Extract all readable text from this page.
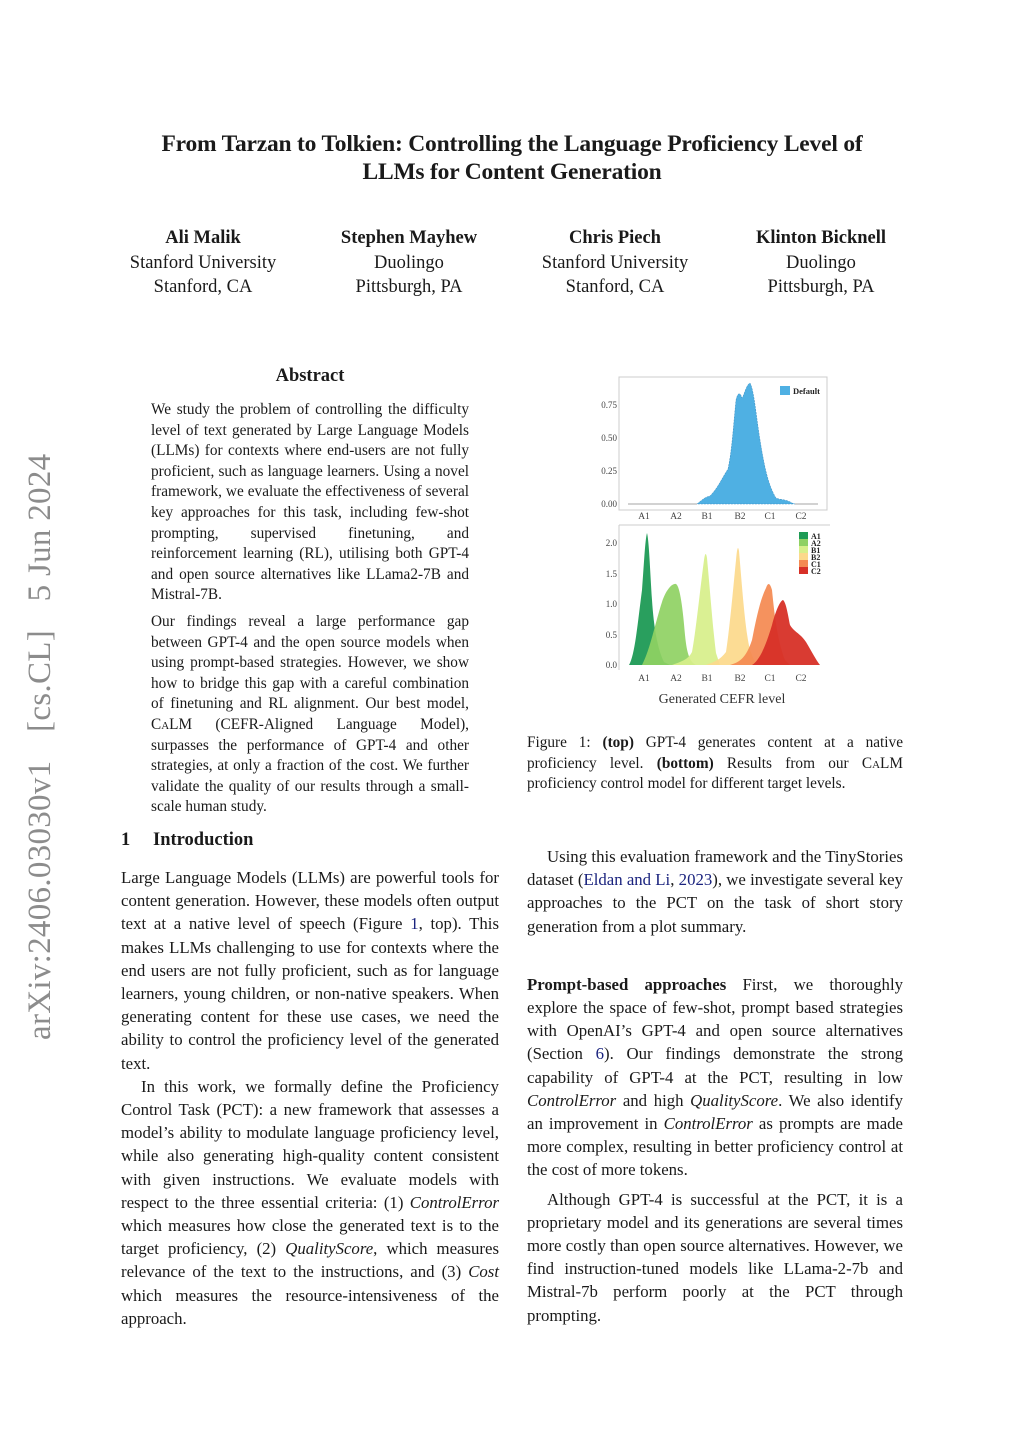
From Tarzan to Tolkien: Controlling the Language Proficiency Level of
LLMs for Content Generation
Ali Malik
Stanford University
Stanford, CA
Stephen Mayhew
Duolingo
Pittsburgh, PA
Chris Piech
Stanford University
Stanford, CA
Klinton Bicknell
Duolingo
Pittsburgh, PA
arXiv:2406.03030v1 [cs.CL] 5 Jun 2024
Abstract

We study the problem of controlling the difficulty level of text generated by Large Language Models (LLMs) for contexts where end-users are not fully proficient, such as language learners. Using a novel framework, we evaluate the effectiveness of several key approaches for this task, including few-shot prompting, supervised finetuning, and reinforcement learning (RL), utilising both GPT-4 and open source alternatives like LLama2-7B and Mistral-7B.

Our findings reveal a large performance gap between GPT-4 and the open source models when using prompt-based strategies. However, we show how to bridge this gap with a careful combination of finetuning and RL alignment. Our best model, CaLM (CEFR-Aligned Language Model), surpasses the performance of GPT-4 and other strategies, at only a fraction of the cost. We further validate the quality of our results through a small-scale human study.

1 Introduction

Large Language Models (LLMs) are powerful tools for content generation. However, these models often output text at a native level of speech (Figure 1, top). This makes LLMs challenging to use for contexts where the end users are not fully proficient, such as for language learners, young children, or non-native speakers. When generating content for these use cases, we need the ability to control the proficiency level of the generated text.

In this work, we formally define the Proficiency Control Task (PCT): a new framework that assesses a model’s ability to modulate language proficiency level, while also generating high-quality content consistent with given instructions. We evaluate models with respect to the three essential criteria: (1) ControlError which measures how close the generated text is to the target proficiency, (2) QualityScore, which measures relevance of the text to the instructions, and (3) Cost which measures the resource-intensiveness of the approach.

0.75
0.50
0.25
0.00
Default
A1 A2 B1 B2 C1 C2
2.0
1.5
1.0
0.5
0.0
A1
A2
B1
B2
C1
C2
A1 A2 B1 B2 C1 C2
Generated CEFR level
Figure 1: (top) GPT-4 generates content at a native proficiency level. (bottom) Results from our CaLM proficiency control model for different target levels.

Using this evaluation framework and the TinyStories dataset (Eldan and Li, 2023), we investigate several key approaches to the PCT on the task of short story generation from a plot summary.

Prompt-based approaches First, we thoroughly explore the space of few-shot, prompt based strategies with OpenAI’s GPT-4 and open source alternatives (Section 6). Our findings demonstrate the strong capability of GPT-4 at the PCT, resulting in low ControlError and high QualityScore. We also identify an improvement in ControlError as prompts are made more complex, resulting in better proficiency control at the cost of more tokens.

Although GPT-4 is successful at the PCT, it is a proprietary model and its generations are several times more costly than open source alternatives. However, we find instruction-tuned models like LLama-2-7b and Mistral-7b perform poorly at the PCT through prompting.
